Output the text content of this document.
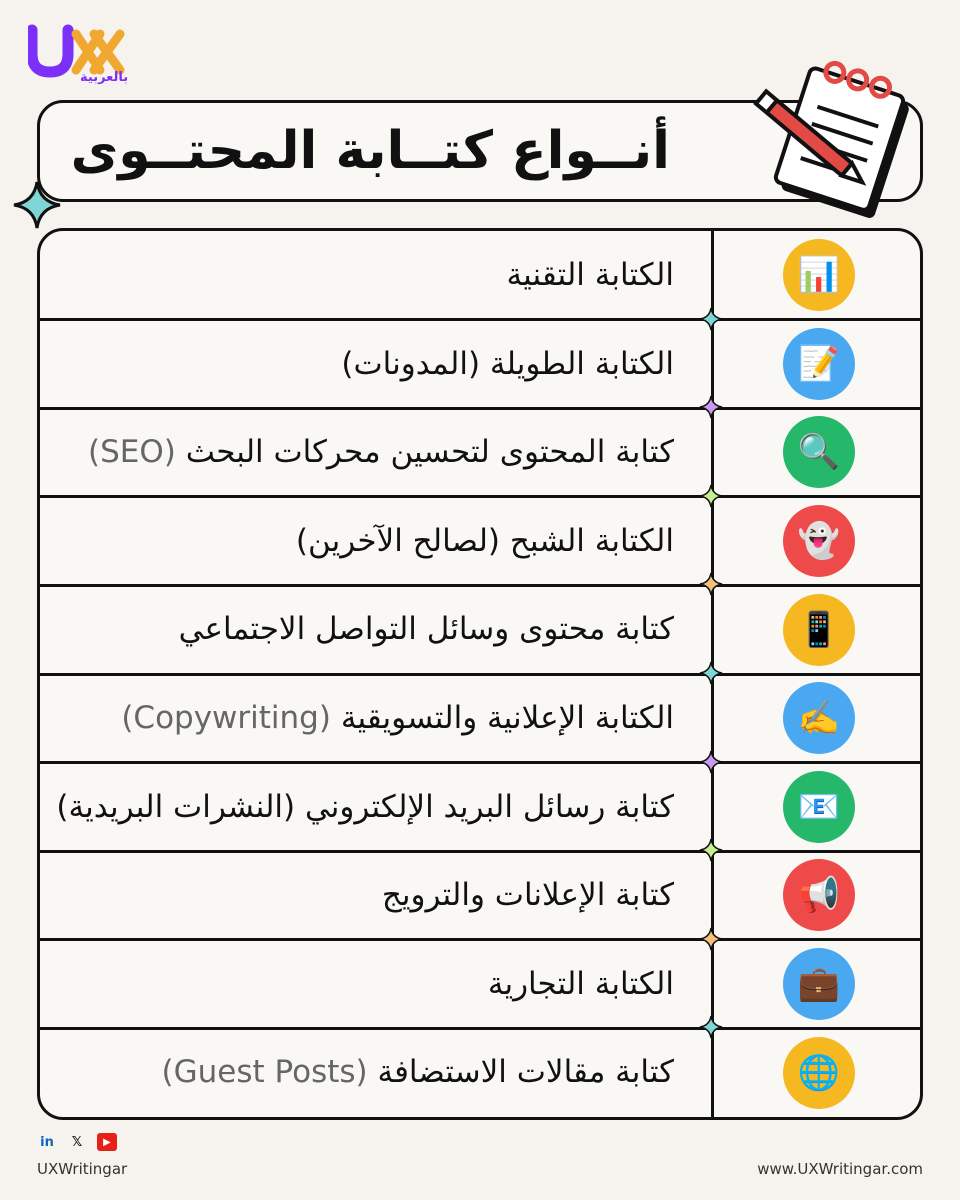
بالعربية
أنــواع كتــابة المحتــوى
الكتابة التقنية	📊
الكتابة الطويلة (المدونات)	📝
كتابة المحتوى لتحسين محركات البحث (SEO)	🔍
الكتابة الشبح (لصالح الآخرين)	👻
كتابة محتوى وسائل التواصل الاجتماعي	📱
الكتابة الإعلانية والتسويقية (Copywriting)	✍️
كتابة رسائل البريد الإلكتروني (النشرات البريدية)	📧
كتابة الإعلانات والترويج	📢
الكتابة التجارية	💼
كتابة مقالات الاستضافة (Guest Posts)	🌐
in	𝕏	▶
UXWritingar	www.UXWritingar.com
